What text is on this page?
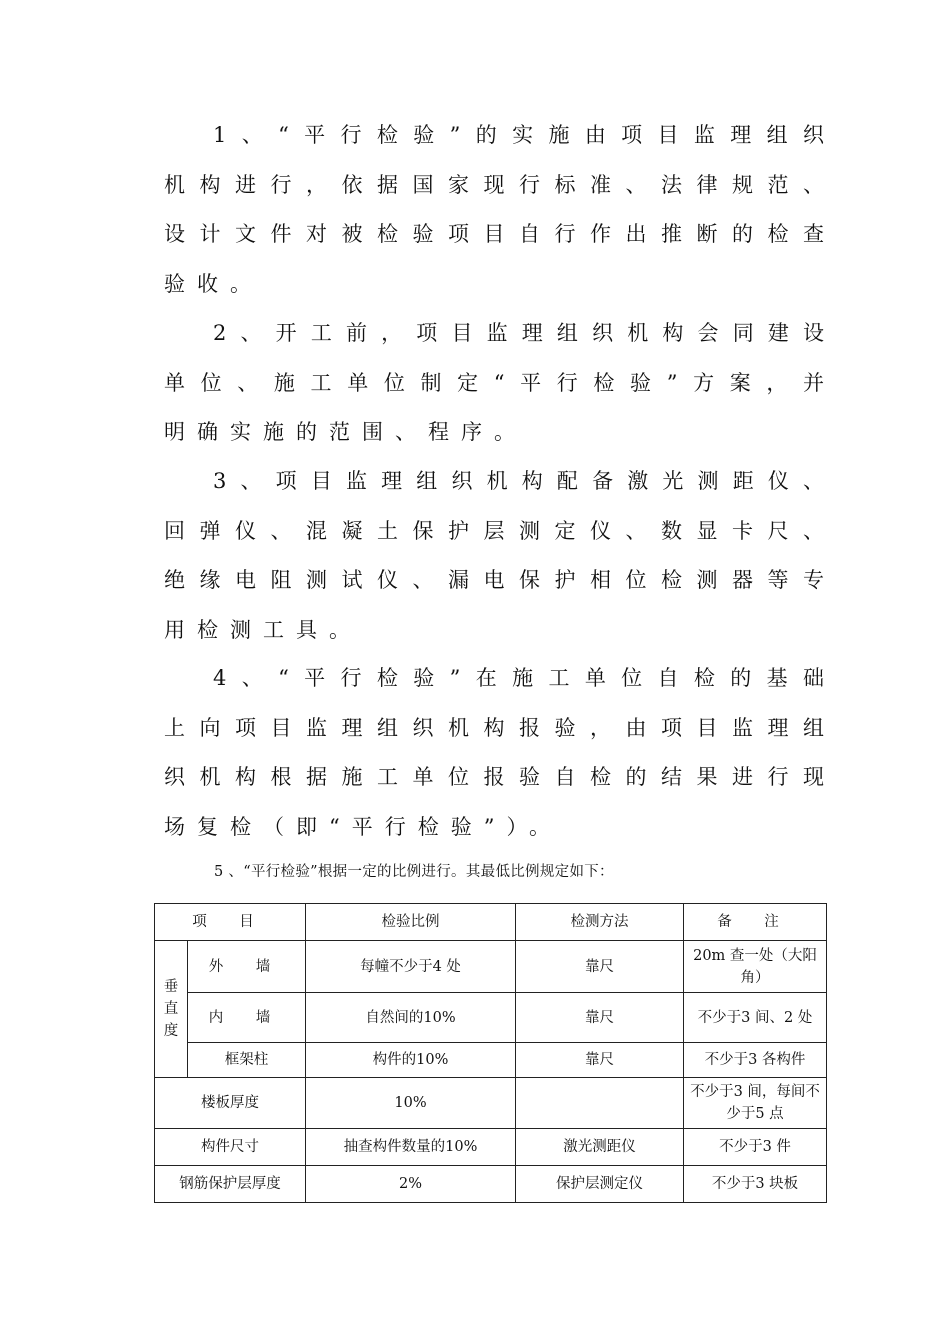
1、“平行检验”的实施由项目监理组织
机构进行，依据国家现行标准、法律规范、
设计文件对被检验项目自行作出推断的检查
验收。
2、开工前，项目监理组织机构会同建设
单位、施工单位制定“平行检验”方案，并
明确实施的范围、程序。
3、项目监理组织机构配备激光测距仪、
回弹仪、混凝土保护层测定仪、数显卡尺、
绝缘电阻测试仪、漏电保护相位检测器等专
用检测工具。
4、“平行检验”在施工单位自检的基础
上向项目监理组织机构报验，由项目监理组
织机构根据施工单位报验自检的结果进行现
场复检（即“平行检验”）。
5 、“平行检验”根据一定的比例进行。其最低比例规定如下：
项 目		检验比例	检测方法	备 注
垂
直
度	外 墙	每幢不少于4 处	靠尺	20m 查一处（大阳角）
	内 墙	自然间的10%	靠尺	不少于3 间、2 处
	框架柱	构件的10%	靠尺	不少于3 各构件
楼板厚度		10%		不少于3 间，每间不少于5 点
构件尺寸		抽查构件数量的10%	激光测距仪	不少于3 件
钢筋保护层厚度		2%	保护层测定仪	不少于3 块板
